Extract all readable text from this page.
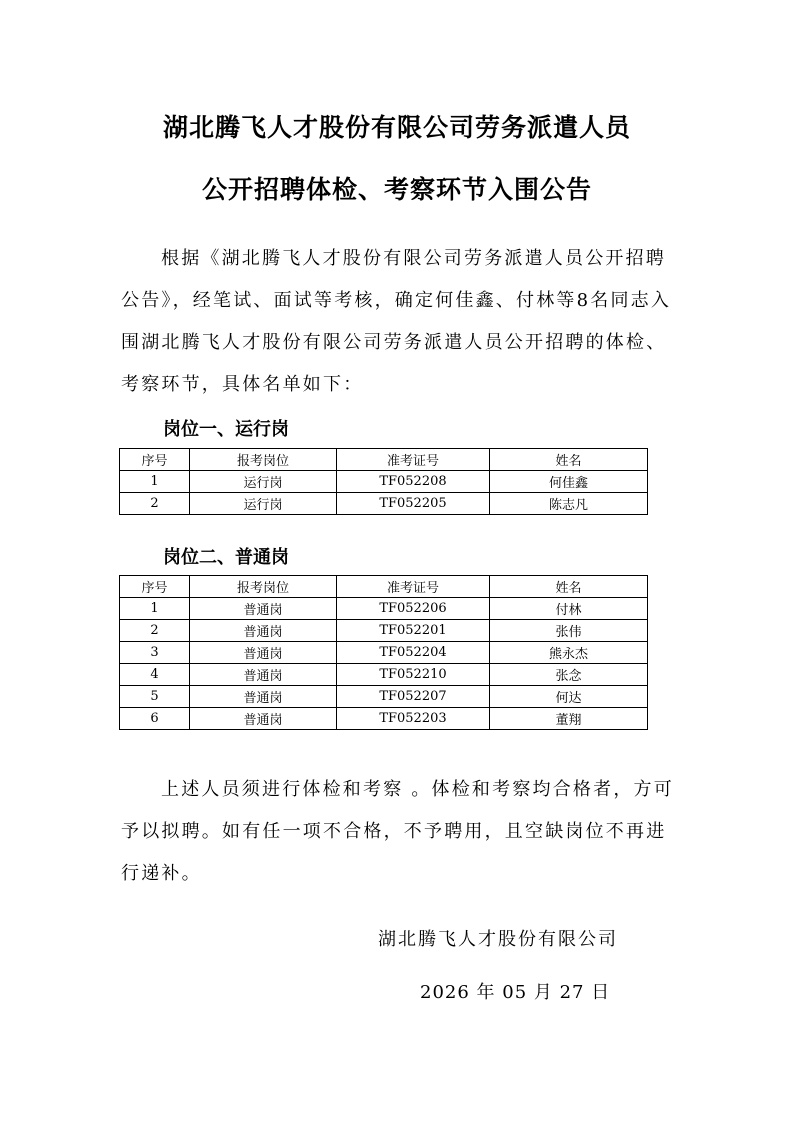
湖北腾飞人才股份有限公司劳务派遣人员
公开招聘体检、考察环节入围公告

根据《湖北腾飞人才股份有限公司劳务派遣人员公开招聘公告》，经笔试、面试等考核，确定何佳鑫、付林等8名同志入围湖北腾飞人才股份有限公司劳务派遣人员公开招聘的体检、考察环节，具体名单如下：

岗位一、运行岗
序号	报考岗位	准考证号	姓名
1	运行岗	TF052208	何佳鑫
2	运行岗	TF052205	陈志凡
岗位二、普通岗
序号	报考岗位	准考证号	姓名
1	普通岗	TF052206	付林
2	普通岗	TF052201	张伟
3	普通岗	TF052204	熊永杰
4	普通岗	TF052210	张念
5	普通岗	TF052207	何达
6	普通岗	TF052203	董翔

上述人员须进行体检和考察 。体检和考察均合格者，方可予以拟聘。如有任一项不合格，不予聘用，且空缺岗位不再进行递补。

湖北腾飞人才股份有限公司

2026 年 05 月 27 日
